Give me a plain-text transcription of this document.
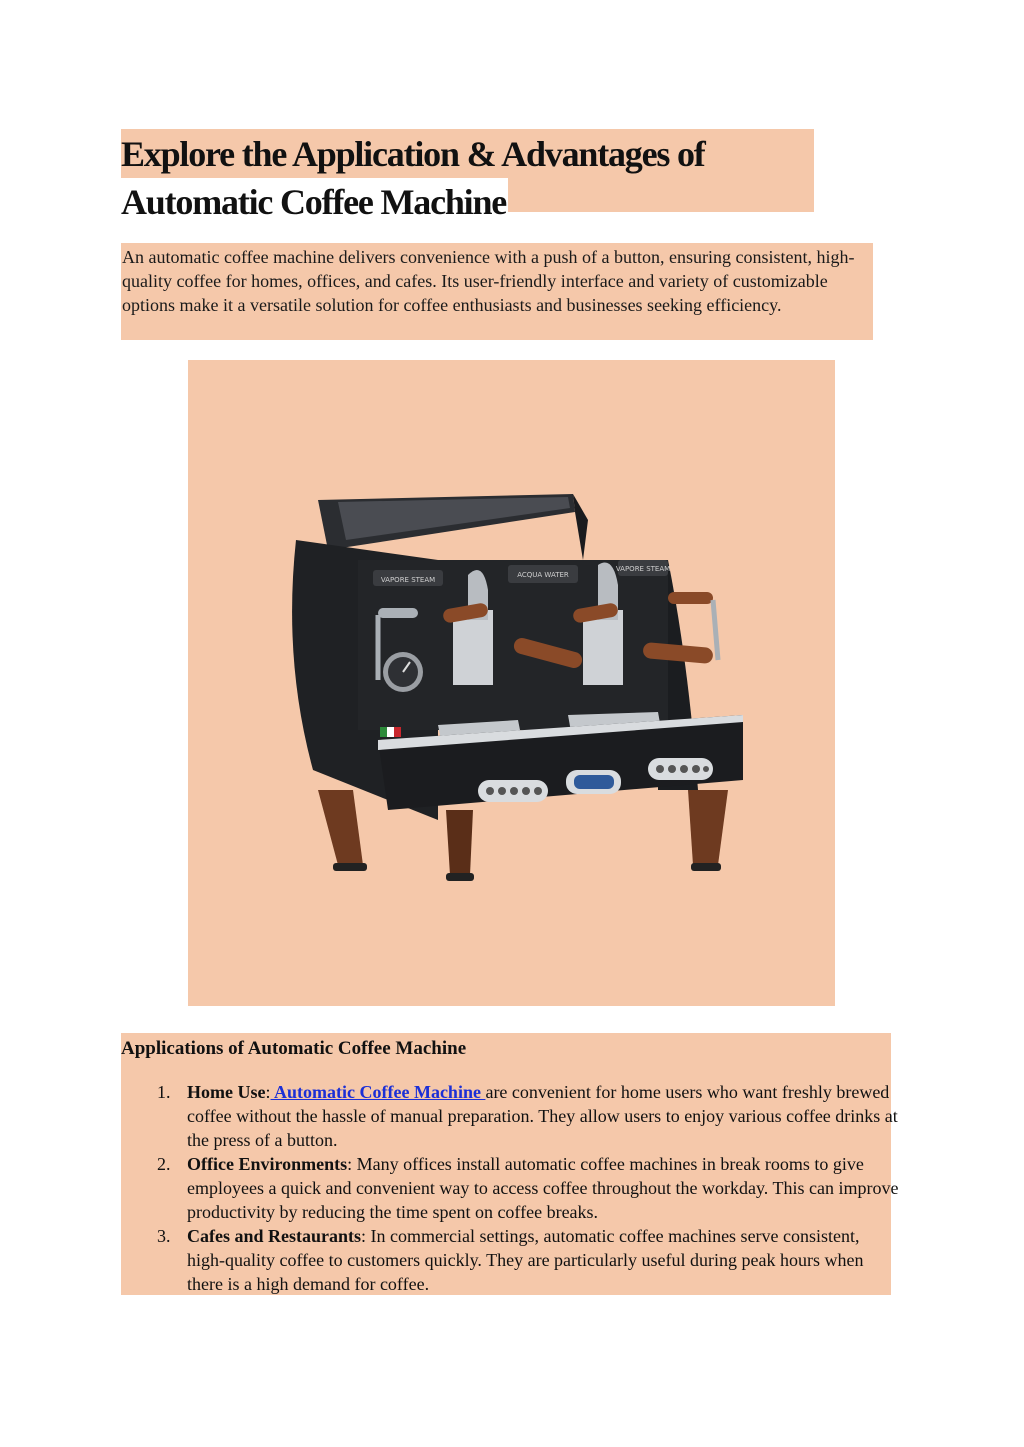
Explore the Application & Advantages of
Automatic Coffee Machine

An automatic coffee machine delivers convenience with a push of a button, ensuring consistent, high-quality coffee for homes, offices, and cafes. Its user-friendly interface and variety of customizable options make it a versatile solution for coffee enthusiasts and businesses seeking efficiency.

VAPORE STEAM
ACQUA WATER
VAPORE STEAM
Applications of Automatic Coffee Machine
1. Home Use: Automatic Coffee Machine are convenient for home users who want freshly brewed coffee without the hassle of manual preparation. They allow users to enjoy various coffee drinks at the press of a button.
2. Office Environments: Many offices install automatic coffee machines in break rooms to give employees a quick and convenient way to access coffee throughout the workday. This can improve productivity by reducing the time spent on coffee breaks.
3. Cafes and Restaurants: In commercial settings, automatic coffee machines serve consistent, high-quality coffee to customers quickly. They are particularly useful during peak hours when there is a high demand for coffee.
